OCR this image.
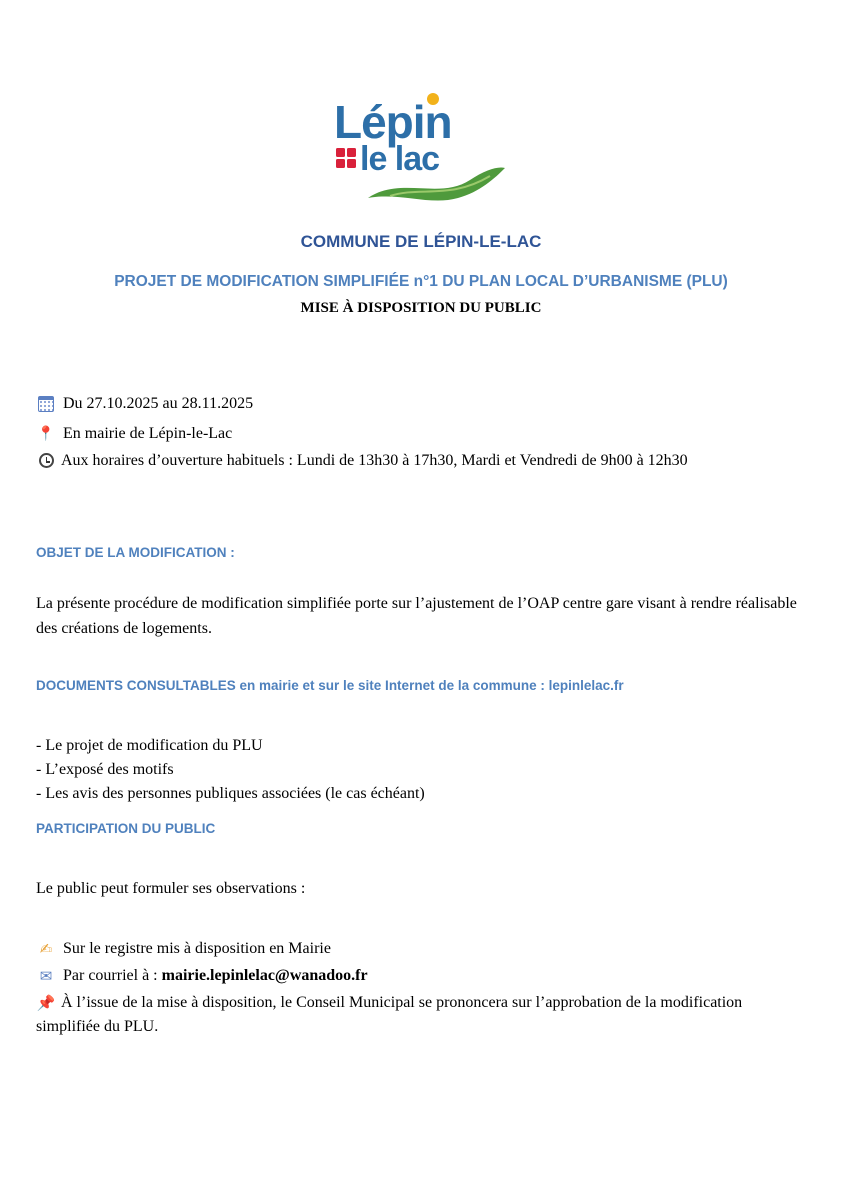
Lépin
le lac
COMMUNE DE LÉPIN-LE-LAC
PROJET DE MODIFICATION SIMPLIFIÉE n°1 DU PLAN LOCAL D’URBANISME (PLU)
MISE À DISPOSITION DU PUBLIC
Du 27.10.2025 au 28.11.2025
📍 En mairie de Lépin-le-Lac
Aux horaires d’ouverture habituels : Lundi de 13h30 à 17h30, Mardi et Vendredi de 9h00 à 12h30
OBJET DE LA MODIFICATION :
La présente procédure de modification simplifiée porte sur l’ajustement de l’OAP centre gare visant à rendre réalisable des créations de logements.
DOCUMENTS CONSULTABLES en mairie et sur le site Internet de la commune : lepinlelac.fr
- Le projet de modification du PLU
- L’exposé des motifs
- Les avis des personnes publiques associées (le cas échéant)
PARTICIPATION DU PUBLIC
Le public peut formuler ses observations :
✍ Sur le registre mis à disposition en Mairie
✉ Par courriel à : mairie.lepinlelac@wanadoo.fr
📌 À l’issue de la mise à disposition, le Conseil Municipal se prononcera sur l’approbation de la modification simplifiée du PLU.
